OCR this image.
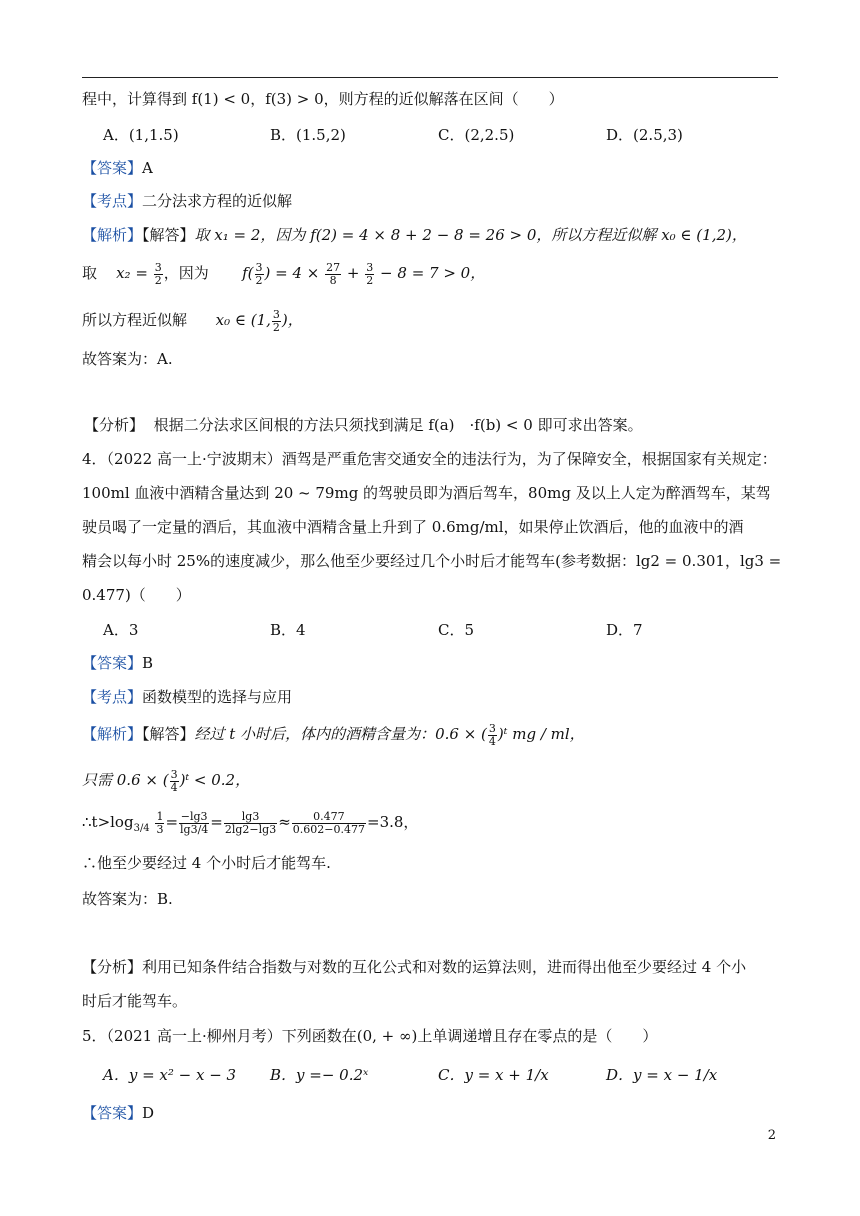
程中，计算得到 f(1) < 0，f(3) > 0，则方程的近似解落在区间（　　）
A．(1,1.5)	B．(1.5,2)	C．(2,2.5)	D．(2.5,3)
【答案】A
【考点】二分法求方程的近似解
【解析】【解答】取 x₁ = 2，因为 f(2) = 4 × 8 + 2 − 8 = 26 > 0，所以方程近似解 x₀ ∈ (1,2)，
取 $x_2 = \frac{3}{2}$ ，因为 $f( \frac{3}{2}$ ) = $4 \times \frac{27}{8} + \frac{3}{2} - 8 = 7 > 0$，
所以方程近似解 x₀ ∈ (1, $\frac{3}{2}$ )，
故答案为：A.
【分析】 根据二分法求区间根的方法只须找到满足 f(a)　·f(b) < 0 即可求出答案。
4．（2022 高一上·宁波期末）酒驾是严重危害交通安全的违法行为，为了保障安全，根据国家有关规定：
100ml 血液中酒精含量达到 20 ~ 79mg 的驾驶员即为酒后驾车，80mg 及以上人定为醉酒驾车，某驾
驶员喝了一定量的酒后，其血液中酒精含量上升到了 0.6mg/ml，如果停止饮酒后，他的血液中的酒
精会以每小时 25%的速度减少，那么他至少要经过几个小时后才能驾车(参考数据：lg2 = 0.301，lg3 =
0.477)（　　）
A．3	B．4	C．5	D．7
【答案】B
【考点】函数模型的选择与应用
【解析】【解答】经过 t 小时后，体内的酒精含量为：0.6 × ( $\frac{3}{4}$ )ᵗ mg / ml，
只需 0.6 × ( $\frac{3}{4}$ )ᵗ < 0.2，
$\therefore t>\log_{3/4} \frac{1}{3} = \frac{-\lg 3}{\lg 3/4} = \frac{\lg 3}{2\lg 2-\lg 3} \approx \frac{0.477}{0.602-0.477} =3.8$，
∴他至少要经过 4 个小时后才能驾车.
故答案为：B.
【分析】利用已知条件结合指数与对数的互化公式和对数的运算法则，进而得出他至少要经过 4 个小
时后才能驾车。
5．（2021 高一上·柳州月考）下列函数在(0, + ∞)上单调递增且存在零点的是（　　）
A．y = x² − x − 3 B．y =− 0.2ˣ	C．y = x + 1/x	D．y = x − 1/x
【答案】D
2
